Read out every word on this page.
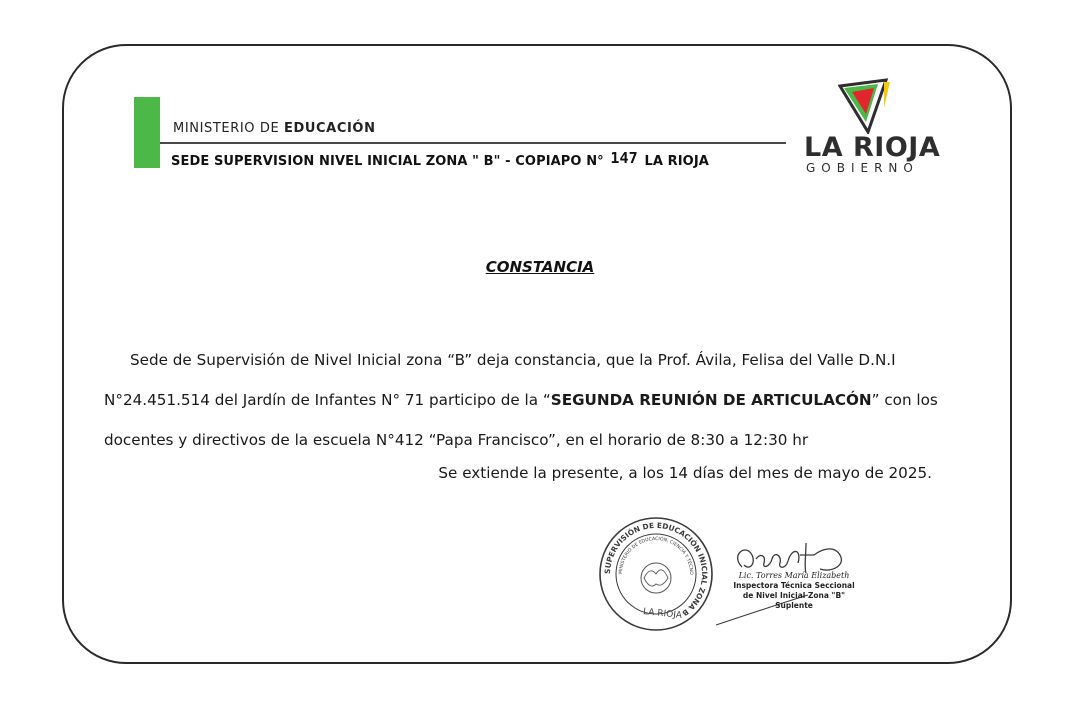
MINISTERIO DE EDUCACIÓN
SEDE SUPERVISION NIVEL INICIAL ZONA " B" - COPIAPO N° 147 LA RIOJA	LA RIOJA
GOBIERNO
CONSTANCIA
Sede de Supervisión de Nivel Inicial zona “B” deja constancia, que la Prof. Ávila, Felisa del Valle D.N.I
N°24.451.514 del Jardín de Infantes N° 71 participo de la “SEGUNDA REUNIÓN DE ARTICULACÓN” con los
docentes y directivos de la escuela N°412 “Papa Francisco”, en el horario de 8:30 a 12:30 hr
Se extiende la presente, a los 14 días del mes de mayo de 2025.
SUPERVISIÓN DE EDUCACIÓN INICIAL ZONA B
MINISTERIO DE EDUCACIÓN, CIENCIA Y TECNO
LA RIOJA
Lic. Torres María Elizabeth
Inspectora Técnica Seccional
de Nivel Inicial Zona "B"
Suplente
